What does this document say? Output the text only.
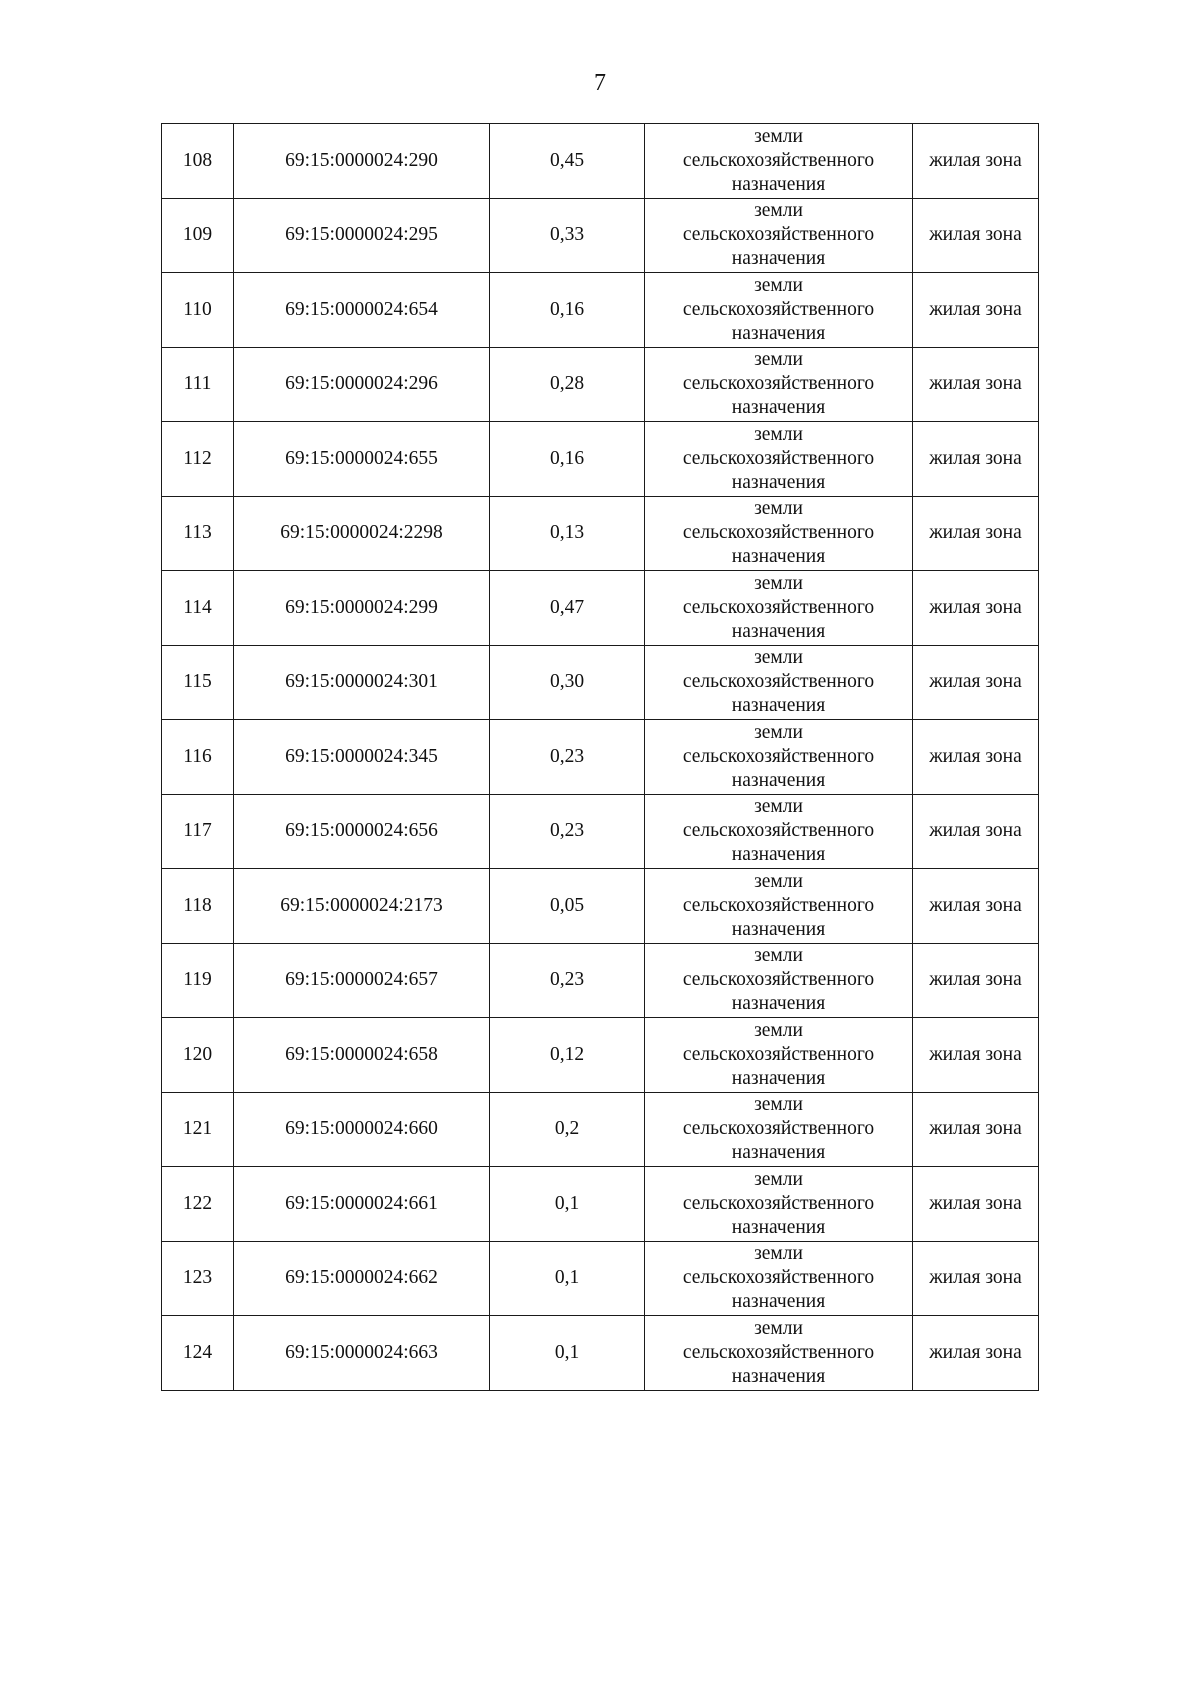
7
108	69:15:0000024:290	0,45	земли
сельскохозяйственного
назначения	жилая зона
109	69:15:0000024:295	0,33	земли
сельскохозяйственного
назначения	жилая зона
110	69:15:0000024:654	0,16	земли
сельскохозяйственного
назначения	жилая зона
111	69:15:0000024:296	0,28	земли
сельскохозяйственного
назначения	жилая зона
112	69:15:0000024:655	0,16	земли
сельскохозяйственного
назначения	жилая зона
113	69:15:0000024:2298	0,13	земли
сельскохозяйственного
назначения	жилая зона
114	69:15:0000024:299	0,47	земли
сельскохозяйственного
назначения	жилая зона
115	69:15:0000024:301	0,30	земли
сельскохозяйственного
назначения	жилая зона
116	69:15:0000024:345	0,23	земли
сельскохозяйственного
назначения	жилая зона
117	69:15:0000024:656	0,23	земли
сельскохозяйственного
назначения	жилая зона
118	69:15:0000024:2173	0,05	земли
сельскохозяйственного
назначения	жилая зона
119	69:15:0000024:657	0,23	земли
сельскохозяйственного
назначения	жилая зона
120	69:15:0000024:658	0,12	земли
сельскохозяйственного
назначения	жилая зона
121	69:15:0000024:660	0,2	земли
сельскохозяйственного
назначения	жилая зона
122	69:15:0000024:661	0,1	земли
сельскохозяйственного
назначения	жилая зона
123	69:15:0000024:662	0,1	земли
сельскохозяйственного
назначения	жилая зона
124	69:15:0000024:663	0,1	земли
сельскохозяйственного
назначения	жилая зона
